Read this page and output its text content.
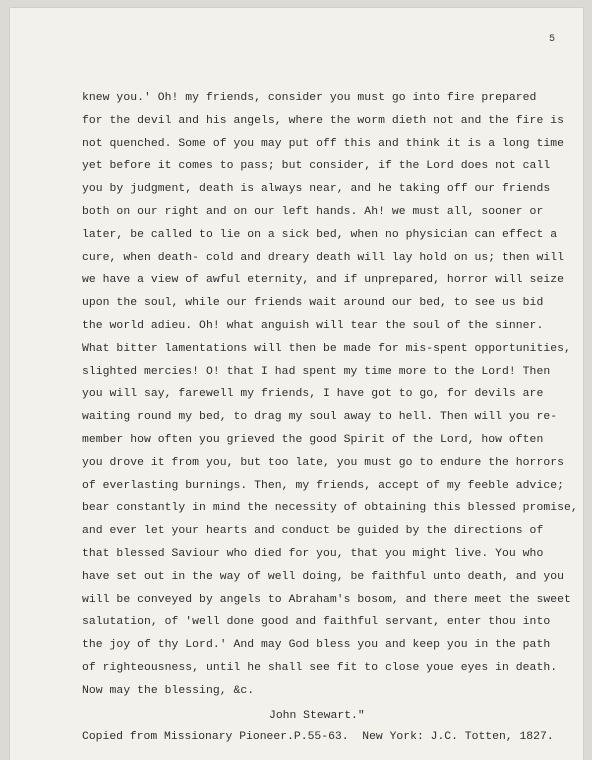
5
knew you.' Oh! my friends, consider you must go into fire prepared
for the devil and his angels, where the worm dieth not and the fire is
not quenched. Some of you may put off this and think it is a long time
yet before it comes to pass; but consider, if the Lord does not call
you by judgment, death is always near, and he taking off our friends
both on our right and on our left hands. Ah! we must all, sooner or
later, be called to lie on a sick bed, when no physician can effect a
cure, when death- cold and dreary death will lay hold on us; then will
we have a view of awful eternity, and if unprepared, horror will seize
upon the soul, while our friends wait around our bed, to see us bid
the world adieu. Oh! what anguish will tear the soul of the sinner.
What bitter lamentations will then be made for mis-spent opportunities,
slighted mercies! O! that I had spent my time more to the Lord! Then
you will say, farewell my friends, I have got to go, for devils are
waiting round my bed, to drag my soul away to hell. Then will you re-
member how often you grieved the good Spirit of the Lord, how often
you drove it from you, but too late, you must go to endure the horrors
of everlasting burnings. Then, my friends, accept of my feeble advice;
bear constantly in mind the necessity of obtaining this blessed promise,
and ever let your hearts and conduct be guided by the directions of
that blessed Saviour who died for you, that you might live. You who
have set out in the way of well doing, be faithful unto death, and you
will be conveyed by angels to Abraham's bosom, and there meet the sweet
salutation, of 'well done good and faithful servant, enter thou into
the joy of thy Lord.' And may God bless you and keep you in the path
of righteousness, until he shall see fit to close youe eyes in death.
Now may the blessing, &c.
John Stewart."
Copied from Missionary Pioneer.P.55-63.  New York: J.C. Totten, 1827.
